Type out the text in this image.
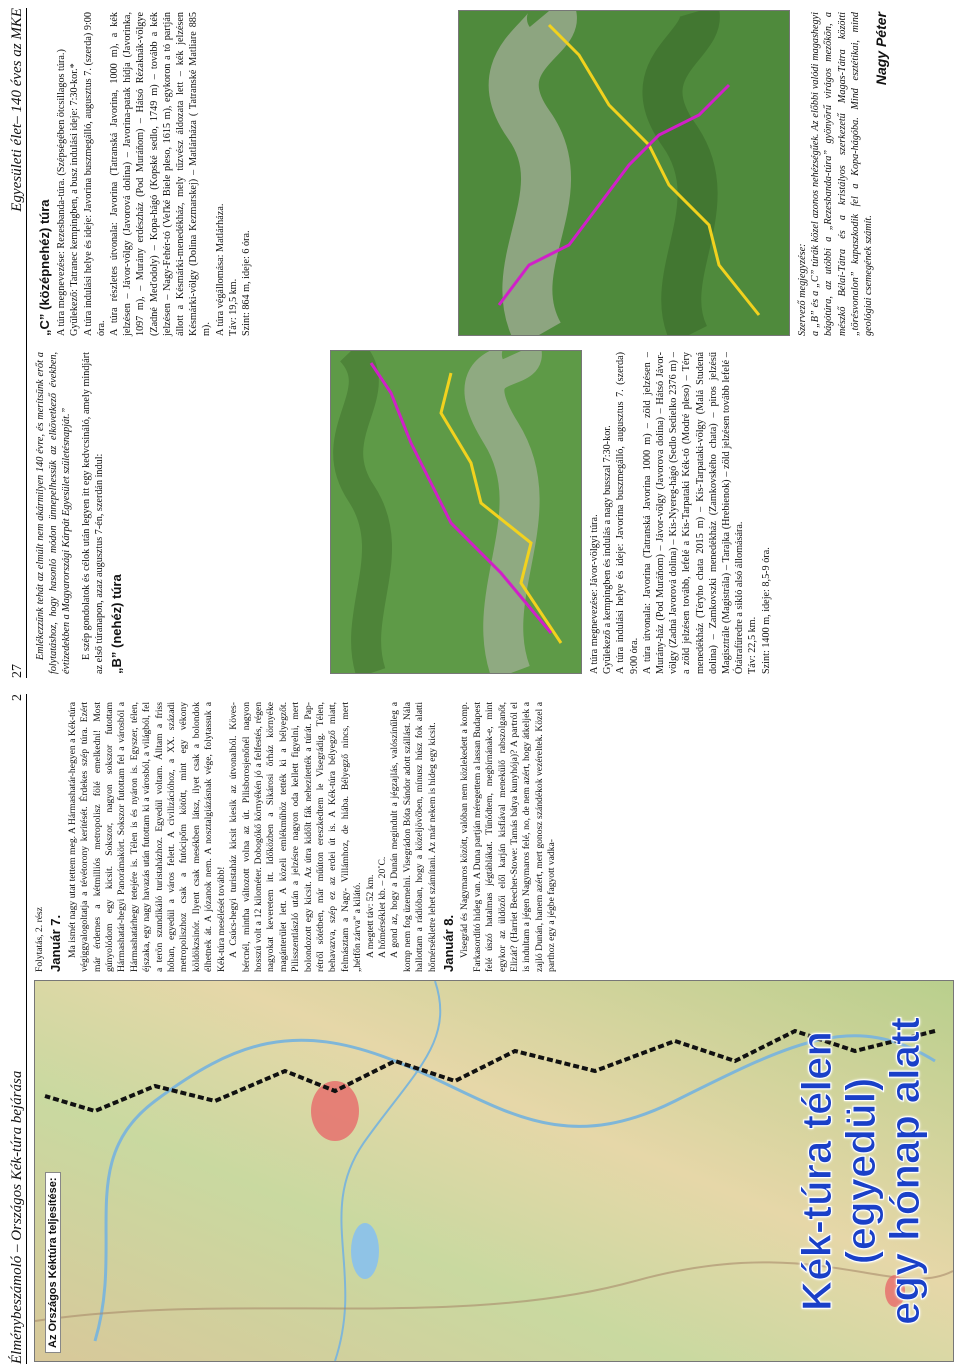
Élménybeszámoló – Országos Kék-túra bejárása
2
Az Országos Kéktúra teljesítése:	Kék-túra télen
(egyedül)
egy hónap alatt

Folytatás, 2. rész Január 7. Ma ismét nagy utat tettem meg. A Hármashatár-hegyen a Kék-túra végiggyalogoltatja a tévétorony kerítését. Érdekes szép túra. Ezért már érdemes a kétmilliós metropolisz fölé emelkedni! Most gúnyolódom egy kicsit. Sokszor, nagyon sokszor futottam Hármashatár-hegyi Panorámakört. Sokszor futottam fel a városból a Hármashatárhegy tetejére is. Télen is és nyáron is. Egyszer, télen, éjszaka, egy nagy havazás után futottam ki a városból, a világból, fel a terön szundikáló turistaházhoz. Egyedül voltam. Álltam a friss hóban, egyedül a város felett. A civilizációhoz, a XX. századi metropoliszhoz csak a futócipőm kötött, mint egy vékony köldökzsinór. Ilyent csak mesékben látsz, ilyet csak a bolondok élhetnek át. A józanok nem. A nosztalgiázásnak vége, folytassuk a Kék-túra mesélését tovább! A Csúcs-hegyi turistaház kicsit kiesik az útvonalból. Köves-bércnél, mintha változott volna az út. Pilisborosjenőnél nagyon hosszú volt a 12 kilométer. Dobogókő környékén jó a felfestés, régen nagyokat keveretem itt. Időközben a Sikárosi őrház környéke magánterület lett. A közeli emlékműhöz tették ki a bélyegzőt. Pilisszentlászló után a jelzésre nagyon oda kellett figyelni, mert bolondozott egy kicsit. Az útra kidőlt fák nehezítették a túrát. Pap-rétről sötétben, már műúton ereszkedtem le Visegrádig. Télen, behavazva, szép ez az erdei út is. A Kék-túra bélyegző miatt, felmásztam a Nagy- Villámhoz, de hiába. Bélyegző nincs, mert „hétfőn zárva” a kilátó. A megtett táv: 52 km. A hőmérséklet kb. – 20˚C. A gond az, hogy a Dunán megindult a jégzajlás, valószínűleg a komp nem fog üzemelni. Visegrádon Bóta Sándor adott szállást. Nála hallottam a rádióban, hogy a közeljövőben, mínusz húsz fok alatti hőmérsékletre lehet számítani. Az már nekem is hideg egy kicsit. Január 8. Visegrád és Nagymaros között, valóban nem közlekedett a komp. Farkasordító hideg van. A Duna partján méregettem a lassan Budapest felé úszó hatalmas jégtáblákat. Tűnődtem, megbírnának-e, mint egykor az üldözői elől karján kisfiával menekülő rabszolganőt, Elizát? (Harriet Beecher-Stowe: Tamás bátya kunyhója)? A partról el is indultam a jégen Nagymaros felé, no, de nem azért, hogy átkeljek a zajló Dunán, hanem azért, mert gonosz szándékok vezéreltek. Közel a parthoz egy a jégbe fagyott vadka-

27
Egyesületi élet– 140 éves az MKE

Emlékezzünk tehát az elmúlt nem akármilyen 140 évre, és merítsünk erőt a folytatáshoz, hogy hasonló módon ünnepelhessük az elkövetkező években, évtizedekben a Magyarországi Kárpát Egyesület születésnapját.” E szép gondolatok és célok után legyen itt egy kedvcsináló, amely mindjárt az első túranapon, azaz augusztus 7-én, szerdán indul: „B” (nehéz) túra	A túra megnevezése: Jávor-völgyi túra. Gyülekező a kempingben és indulás a nagy busszal 7:30-kor. A túra indulási helye és ideje: Javorina buszmegálló, augusztus 7. (szerda) 9:00 óra. A túra útvonala: Javorina (Tatranská Javorina 1000 m) – zöld jelzésen – Murány-ház (Pod Muráňom) – Jávor-völgy (Javorova dolina) – Hátsó Jávor-völgy (Zadná Javorová dolina) – Kis-Nyereg-hágó (Sedlo Sedielko 2376 m) – a zöld jelzésen tovább, lefelé a Kis-Tarpataki Kék-tó (Modré pleso) – Téry menedékház (Téryho chata 2015 m) – Kis-Tarpataki-völgy (Malá Studená dolina) – Zamkovszki menedékház (Zamkovského chata) – piros jelzésű Magisztrále (Magistrála) – Tarajka (Hrebienok) – zöld jelzésen tovább lefelé – Ótátrafüredre a sikló alsó állomására. Táv: 22,5 km. Szint: 1400 m, ideje: 8,5-9 óra.

„C” (középnehéz) túra A túra megnevezése: Rezesbanda-túra. (Szépségében ötcsillagos túra.) Gyülekező: Tatranec kempingben, a busz indulási ideje: 7:30-kor.* A túra indulási helye és ideje: Javorina buszmegálló, augusztus 7. (szerda) 9:00 óra. A túra részletes útvonala: Javorina (Tatranská Javorina, 1000 m), a kék jelzésen – Jávor-völgy (Javorová dolina) – Javorina-patak hídja (Javorinka, 1097 m), – Murány erdészház (Pod Muráňom) – Hátsó Rézaknák-völgye (Zadné Meďodoly) – Kopa-hágó (Kopské sedlo, 1749 m) – tovább a kék jelzésen – Nagy-Fehér-tó (Veľké Biele pleso, 1615 m), egykoron a tó partján állott a Késmárki-menedékház, mely tűzvész áldozata lett – kék jelzésen Késmárki-völgy (Dolina Kezmarskej) – Matlárháza ( Tatranské Matliare 885 m). A túra végállomása: Matlárháza. Táv: 19,5 km. Szint: 864 m, ideje: 6 óra.	Szervező megjegyzése: a „B” és a „C” túrák közel azonos nehézségűek. Az előbbi valódi magashegyi bágótúra, az utóbbi a „Rezesbanda-túra” gyönyörű virágos mezőkön, a mészkő Bélai-Tátra és a kristályos szerkezetű Magas-Tátra közötti „törésvonalon” kapaszkodik fel a Kopa-hágóba. Mind esztétikai, mind geológiai csemegének számít.

Nagy Péter
